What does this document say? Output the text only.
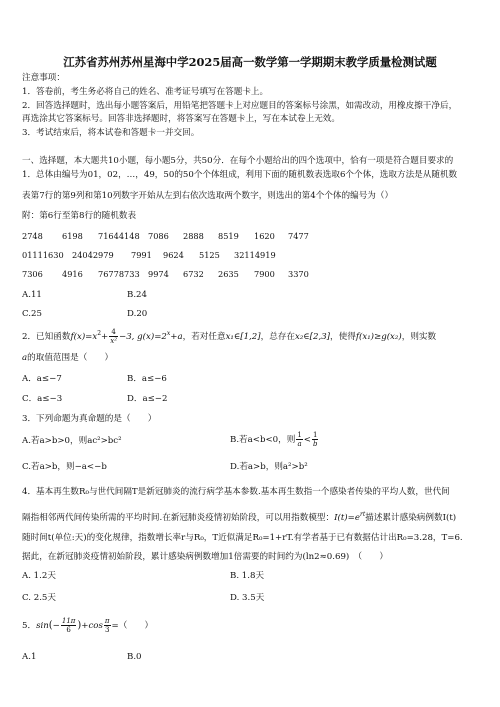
江苏省苏州苏州星海中学2025届高一数学第一学期期末教学质量检测试题
注意事项：
1．答卷前，考生务必将自己的姓名、准考证号填写在答题卡上。
2．回答选择题时，选出每小题答案后，用铅笔把答题卡上对应题目的答案标号涂黑，如需改动，用橡皮擦干净后，
再选涂其它答案标号。回答非选择题时，将答案写在答题卡上，写在本试卷上无效。
3．考试结束后，将本试卷和答题卡一并交回。
一、选择题，本大题共10小题，每小题5分，共50分．在每个小题给出的四个选项中，恰有一项是符合题目要求的
1．总体由编号为01，02，…，49，50的50个个体组成，利用下面的随机数表选取6个个体，选取方法是从随机数
表第7行的第9列和第10列数字开始从左到右依次选取两个数字，则选出的第4个个体的编号为（）
附：第6行至第8行的随机数表
2748 6198 71644148 7086 2888 8519 1620 7477
01111630 24042979 7991 9624 5125 32114919
7306 4916 76778733 9974 6732 2635 7900 3370
A.11	B.24
C.25	D.20
2．已知函数$f(x)=x^2+ \frac{4}{\text{x²}} -3$, $g(x)=2^x+a$，若对任意x₁∈[1,2]，总存在x₂∈[2,3]，使得f(x₁)≥g(x₂)，则实数
a的取值范围是（　　）
A．a≤−7	B．a≤−6
C．a≤−3	D．a≤−2
3．下列命题为真命题的是（　　）
A.若a>b>0，则ac²>bc²	B.若a<b<0，则 $\frac{1}{a} < \frac{1}{b}$
C.若a>b，则−a<−b	D.若a>b，则a²>b²
4．基本再生数R₀与世代间隔T是新冠肺炎的流行病学基本参数.基本再生数指一个感染者传染的平均人数，世代间
隔指相邻两代间传染所需的平均时间.在新冠肺炎疫情初始阶段，可以用指数模型：$I(t)=e^{rt}$描述累计感染病例数I(t)
随时间t(单位:天)的变化规律，指数增长率r与R₀，T近似满足R₀=1+rT.有学者基于已有数据估计出R₀=3.28，T=6.
据此，在新冠肺炎疫情初始阶段，累计感染病例数增加1倍需要的时间约为(ln2≈0.69)　（　　）
A. 1.2天	B. 1.8天
C. 2.5天	D. 3.5天
5．$\sin(- \frac{11\pi}{6} )+\cos \frac{\pi}{3}$ =（　　）
A.1	B.0
